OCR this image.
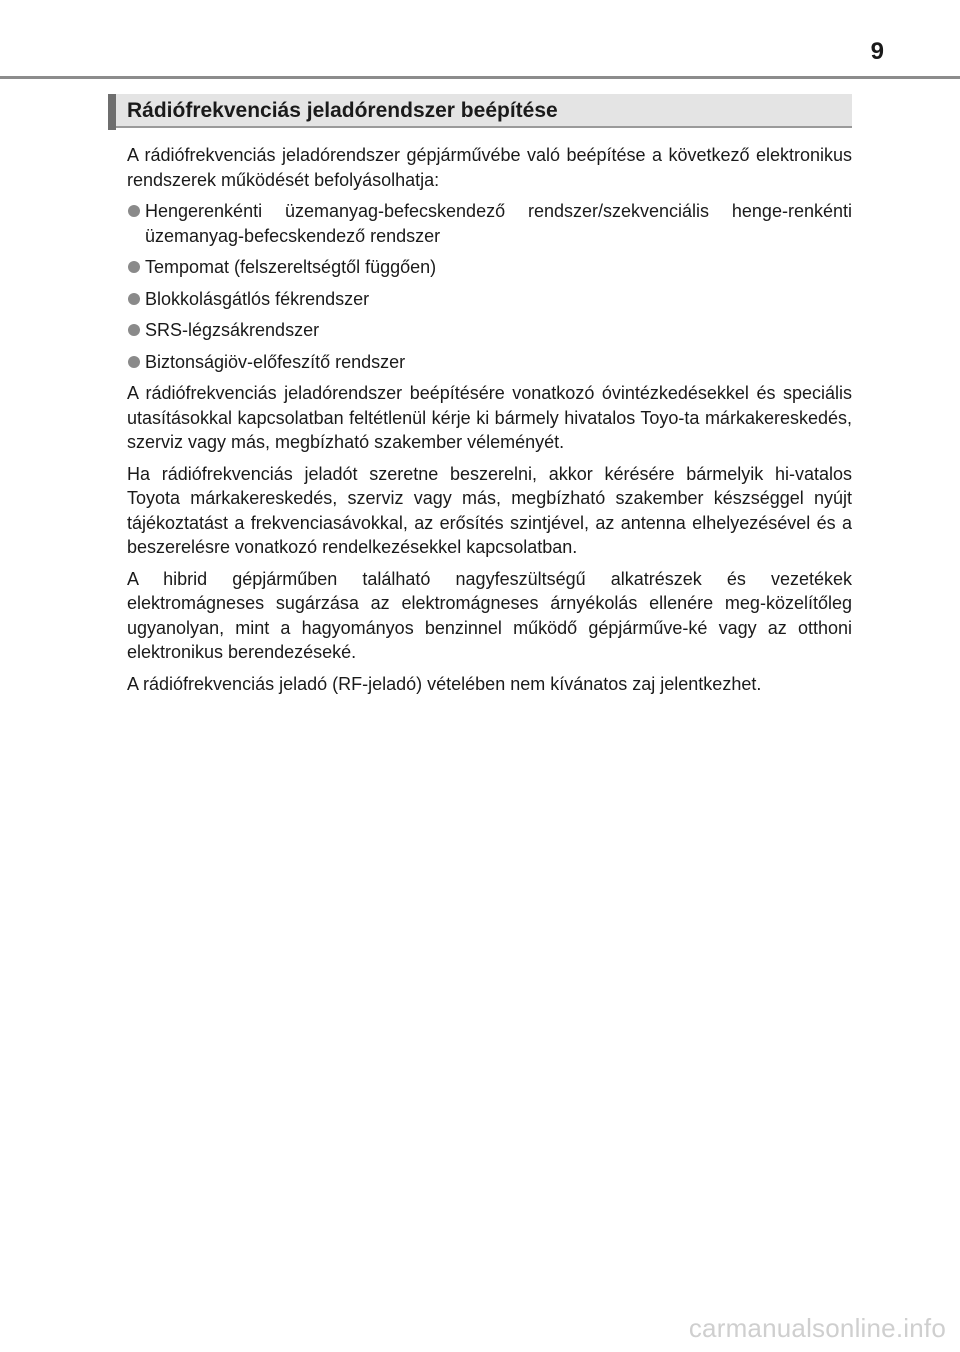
9
Rádiófrekvenciás jeladórendszer beépítése

A rádiófrekvenciás jeladórendszer gépjárművébe való beépítése a következő elektronikus rendszerek működését befolyásolhatja:

Hengerenkénti üzemanyag-befecskendező rendszer/szekvenciális henge-renkénti üzemanyag-befecskendező rendszer
Tempomat (felszereltségtől függően)
Blokkolásgátlós fékrendszer
SRS-légzsákrendszer
Biztonságiöv-előfeszítő rendszer

A rádiófrekvenciás jeladórendszer beépítésére vonatkozó óvintézkedésekkel és speciális utasításokkal kapcsolatban feltétlenül kérje ki bármely hivatalos Toyo-ta márkakereskedés, szerviz vagy más, megbízható szakember véleményét.

Ha rádiófrekvenciás jeladót szeretne beszerelni, akkor kérésére bármelyik hi-vatalos Toyota márkakereskedés, szerviz vagy más, megbízható szakember készséggel nyújt tájékoztatást a frekvenciasávokkal, az erősítés szintjével, az antenna elhelyezésével és a beszerelésre vonatkozó rendelkezésekkel kapcsolatban.

A hibrid gépjárműben található nagyfeszültségű alkatrészek és vezetékek elektromágneses sugárzása az elektromágneses árnyékolás ellenére meg-közelítőleg ugyanolyan, mint a hagyományos benzinnel működő gépjárműve-ké vagy az otthoni elektronikus berendezéseké.

A rádiófrekvenciás jeladó (RF-jeladó) vételében nem kívánatos zaj jelentkezhet.

carmanualsonline.info
